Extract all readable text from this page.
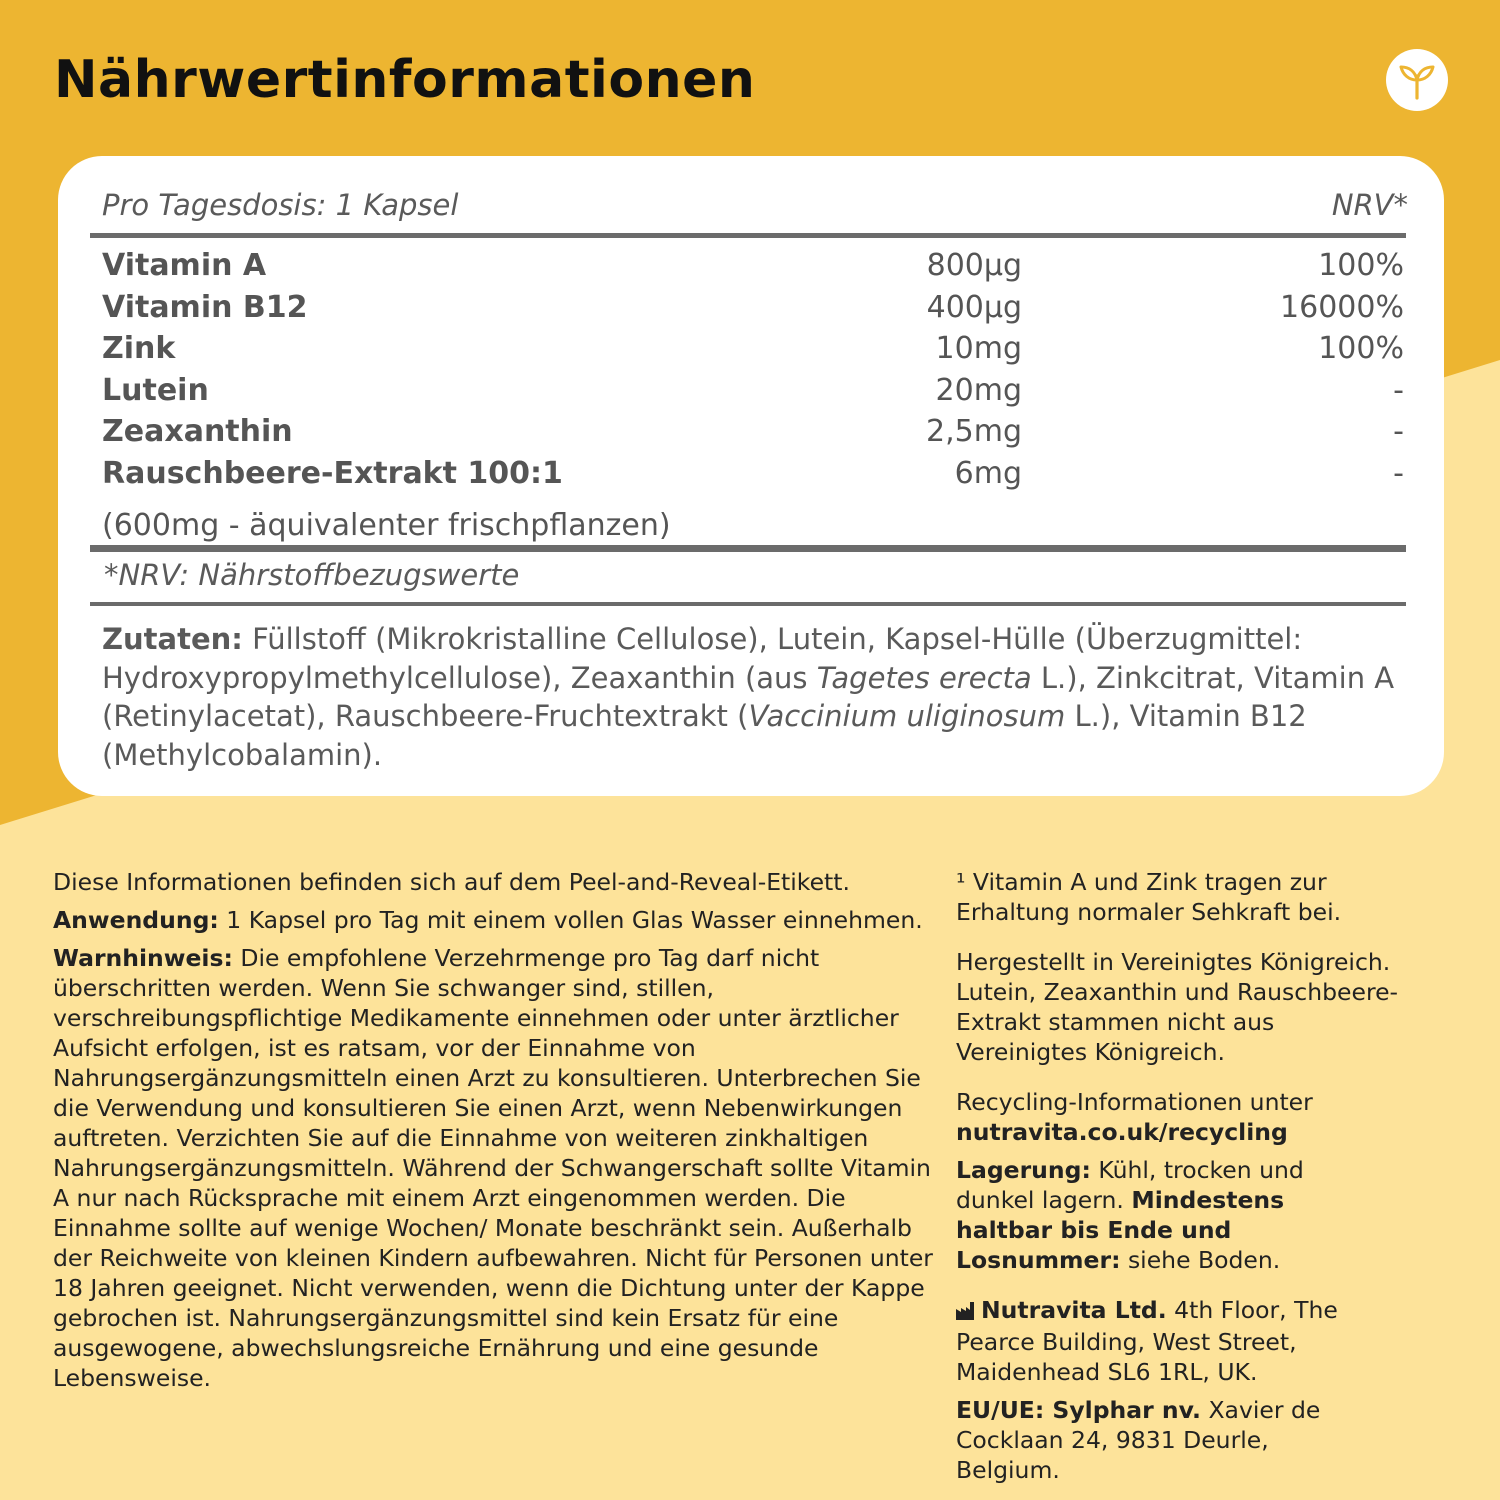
Nährwertinformationen
Pro Tagesdosis: 1 Kapsel	NRV*
Vitamin A	800µg	100%
Vitamin B12	400µg	16000%
Zink	10mg	100%
Lutein	20mg	-
Zeaxanthin	2,5mg	-
Rauschbeere-Extrakt 100:1	6mg	-
(600mg - äquivalenter frischpflanzen)
*NRV: Nährstoffbezugswerte

Zutaten: Füllstoff (Mikrokristalline Cellulose), Lutein, Kapsel-Hülle (Überzugmittel: Hydroxypropylmethylcellulose), Zeaxanthin (aus Tagetes erecta L.), Zinkcitrat, Vitamin A (Retinylacetat), Rauschbeere-Fruchtextrakt (Vaccinium uliginosum L.), Vitamin B12 (Methylcobalamin).

Diese Informationen befinden sich auf dem Peel-and-Reveal-Etikett.

Anwendung: 1 Kapsel pro Tag mit einem vollen Glas Wasser einnehmen.

Warnhinweis: Die empfohlene Verzehrmenge pro Tag darf nicht überschritten werden. Wenn Sie schwanger sind, stillen, verschreibungspflichtige Medikamente einnehmen oder unter ärztlicher Aufsicht erfolgen, ist es ratsam, vor der Einnahme von Nahrungsergänzungsmitteln einen Arzt zu konsultieren. Unterbrechen Sie die Verwendung und konsultieren Sie einen Arzt, wenn Nebenwirkungen auftreten. Verzichten Sie auf die Einnahme von weiteren zinkhaltigen Nahrungsergänzungsmitteln. Während der Schwangerschaft sollte Vitamin A nur nach Rücksprache mit einem Arzt eingenommen werden. Die Einnahme sollte auf wenige Wochen/ Monate beschränkt sein. Außerhalb der Reichweite von kleinen Kindern aufbewahren. Nicht für Personen unter 18 Jahren geeignet. Nicht verwenden, wenn die Dichtung unter der Kappe gebrochen ist. Nahrungsergänzungsmittel sind kein Ersatz für eine ausgewogene, abwechslungsreiche Ernährung und eine gesunde Lebensweise.

¹ Vitamin A und Zink tragen zur Erhaltung normaler Sehkraft bei.

Hergestellt in Vereinigtes Königreich. Lutein, Zeaxanthin und Rauschbeere-Extrakt stammen nicht aus Vereinigtes Königreich.

Recycling-Informationen unter
nutravita.co.uk/recycling

Lagerung: Kühl, trocken und dunkel lagern. Mindestens haltbar bis Ende und Losnummer: siehe Boden.

Nutravita Ltd. 4th Floor, The Pearce Building, West Street, Maidenhead SL6 1RL, UK.

EU/UE: Sylphar nv. Xavier de Cocklaan 24, 9831 Deurle, Belgium.
